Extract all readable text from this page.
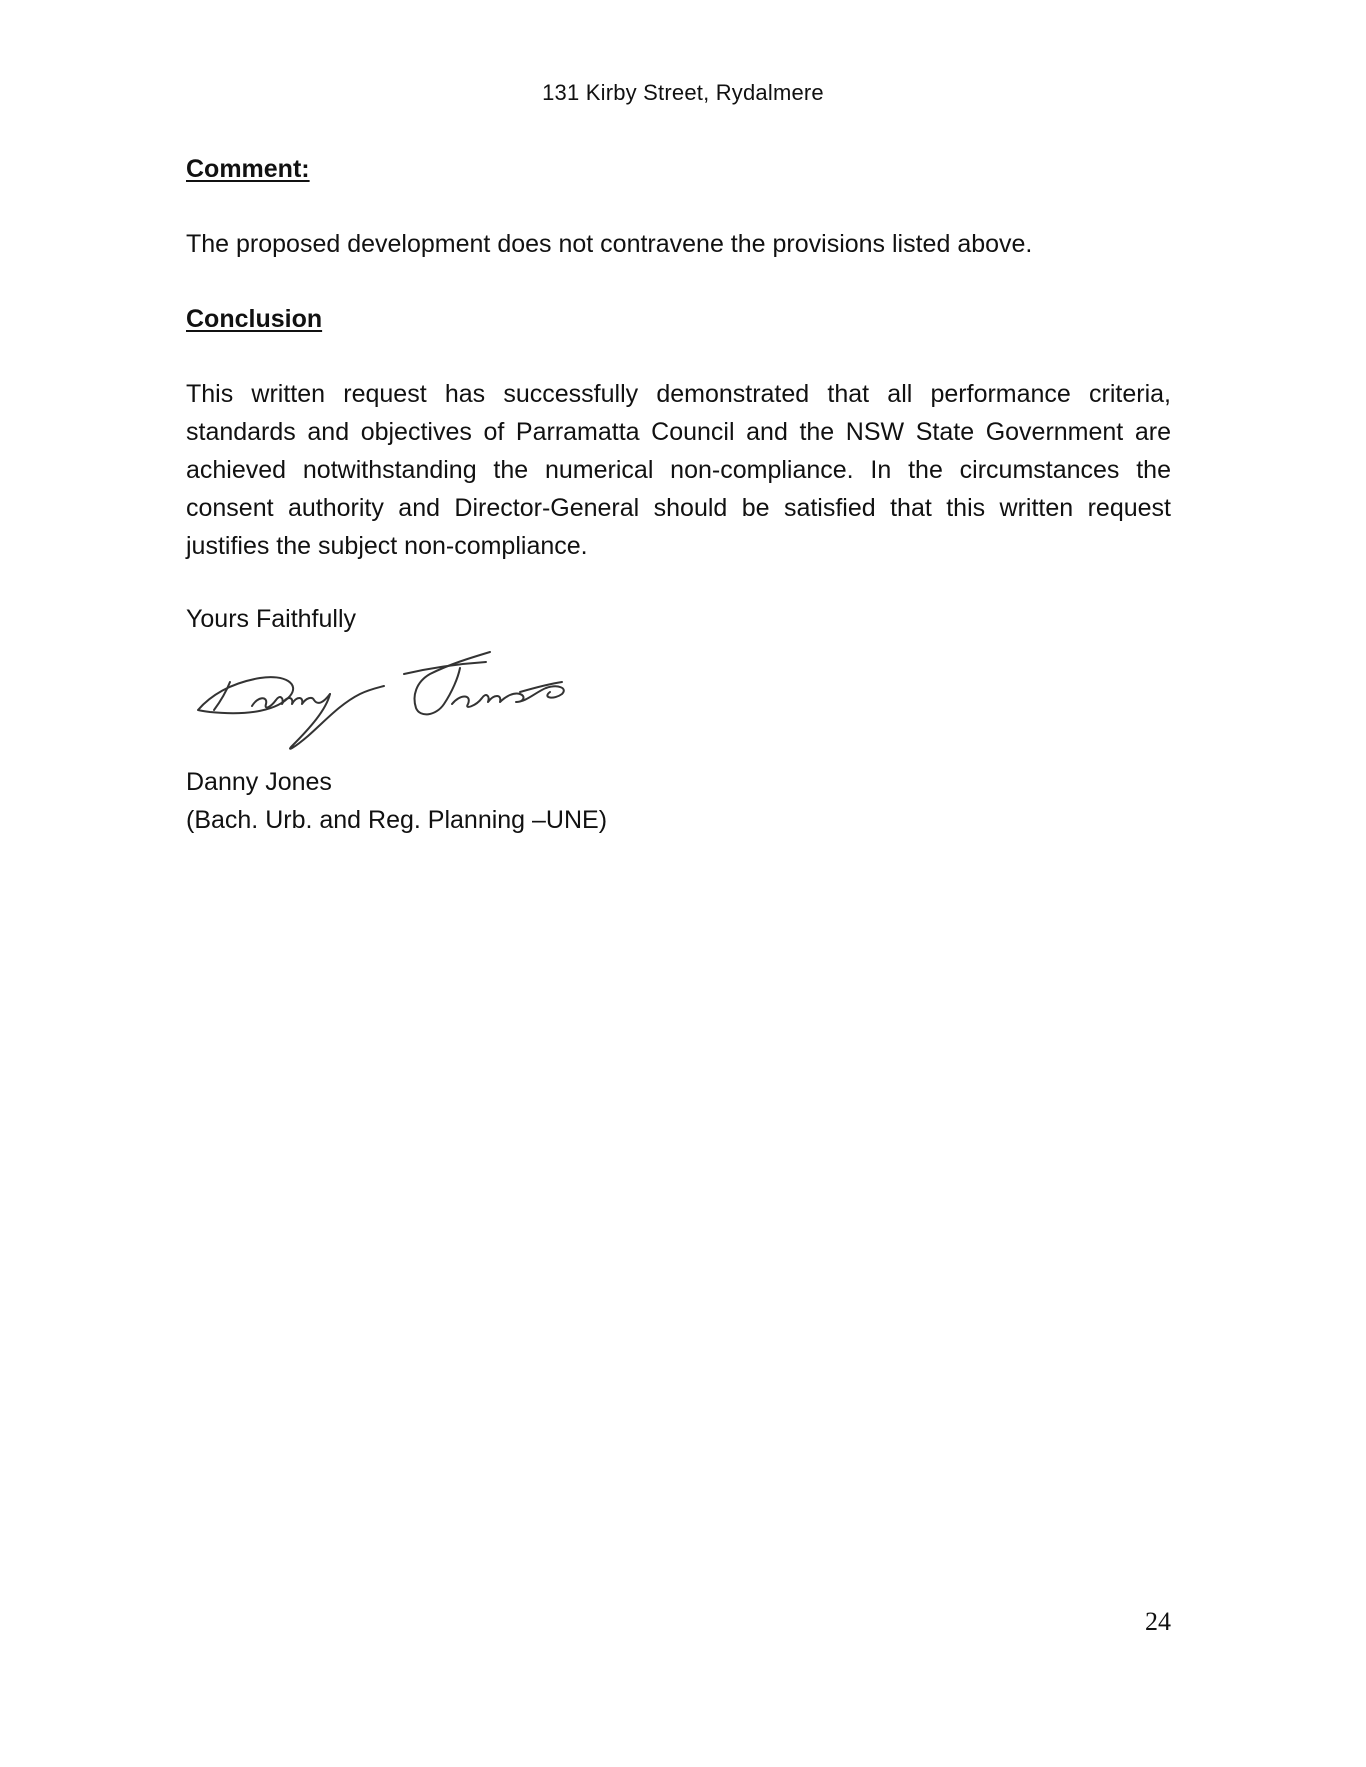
131 Kirby Street, Rydalmere
Comment:
The proposed development does not contravene the provisions listed above.
Conclusion
This written request has successfully demonstrated that all performance criteria, standards and objectives of Parramatta Council and the NSW State Government are achieved notwithstanding the numerical non-compliance. In the circumstances the consent authority and Director-General should be satisfied that this written request justifies the subject non-compliance.
Yours Faithfully
Danny Jones
(Bach. Urb. and Reg. Planning –UNE)
24
